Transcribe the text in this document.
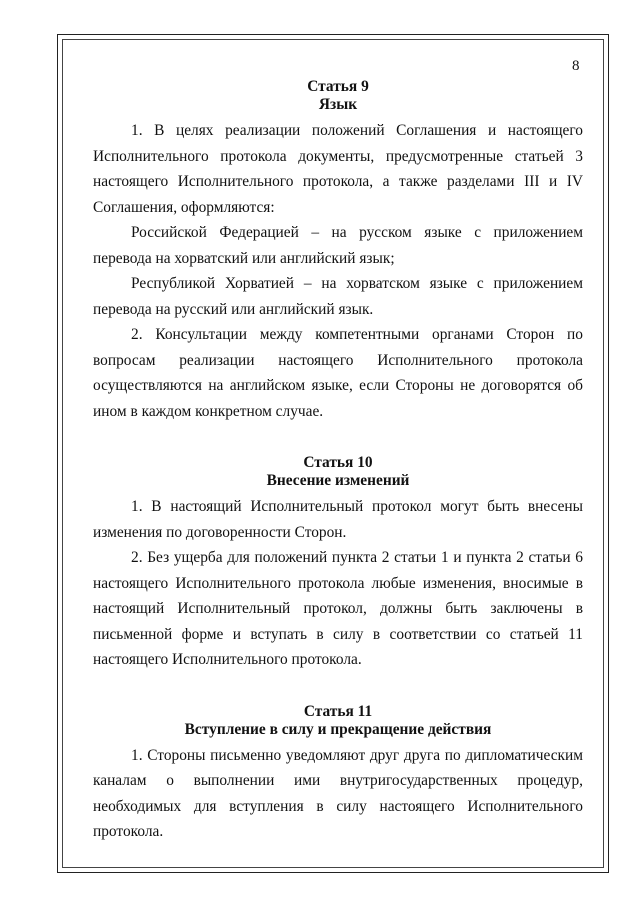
8
Статья 9
Язык

1. В целях реализации положений Соглашения и настоящего Исполнительного протокола документы, предусмотренные статьей 3 настоящего Исполнительного протокола, а также разделами III и IV Соглашения, оформляются:

Российской Федерацией – на русском языке с приложением перевода на хорватский или английский язык;

Республикой Хорватией – на хорватском языке с приложением перевода на русский или английский язык.

2. Консультации между компетентными органами Сторон по вопросам реализации настоящего Исполнительного протокола осуществляются на английском языке, если Стороны не договорятся об ином в каждом конкретном случае.

Статья 10
Внесение изменений

1. В настоящий Исполнительный протокол могут быть внесены изменения по договоренности Сторон.

2. Без ущерба для положений пункта 2 статьи 1 и пункта 2 статьи 6 настоящего Исполнительного протокола любые изменения, вносимые в настоящий Исполнительный протокол, должны быть заключены в письменной форме и вступать в силу в соответствии со статьей 11 настоящего Исполнительного протокола.

Статья 11
Вступление в силу и прекращение действия

1. Стороны письменно уведомляют друг друга по дипломатическим каналам о выполнении ими внутригосударственных процедур, необходимых для вступления в силу настоящего Исполнительного протокола.
